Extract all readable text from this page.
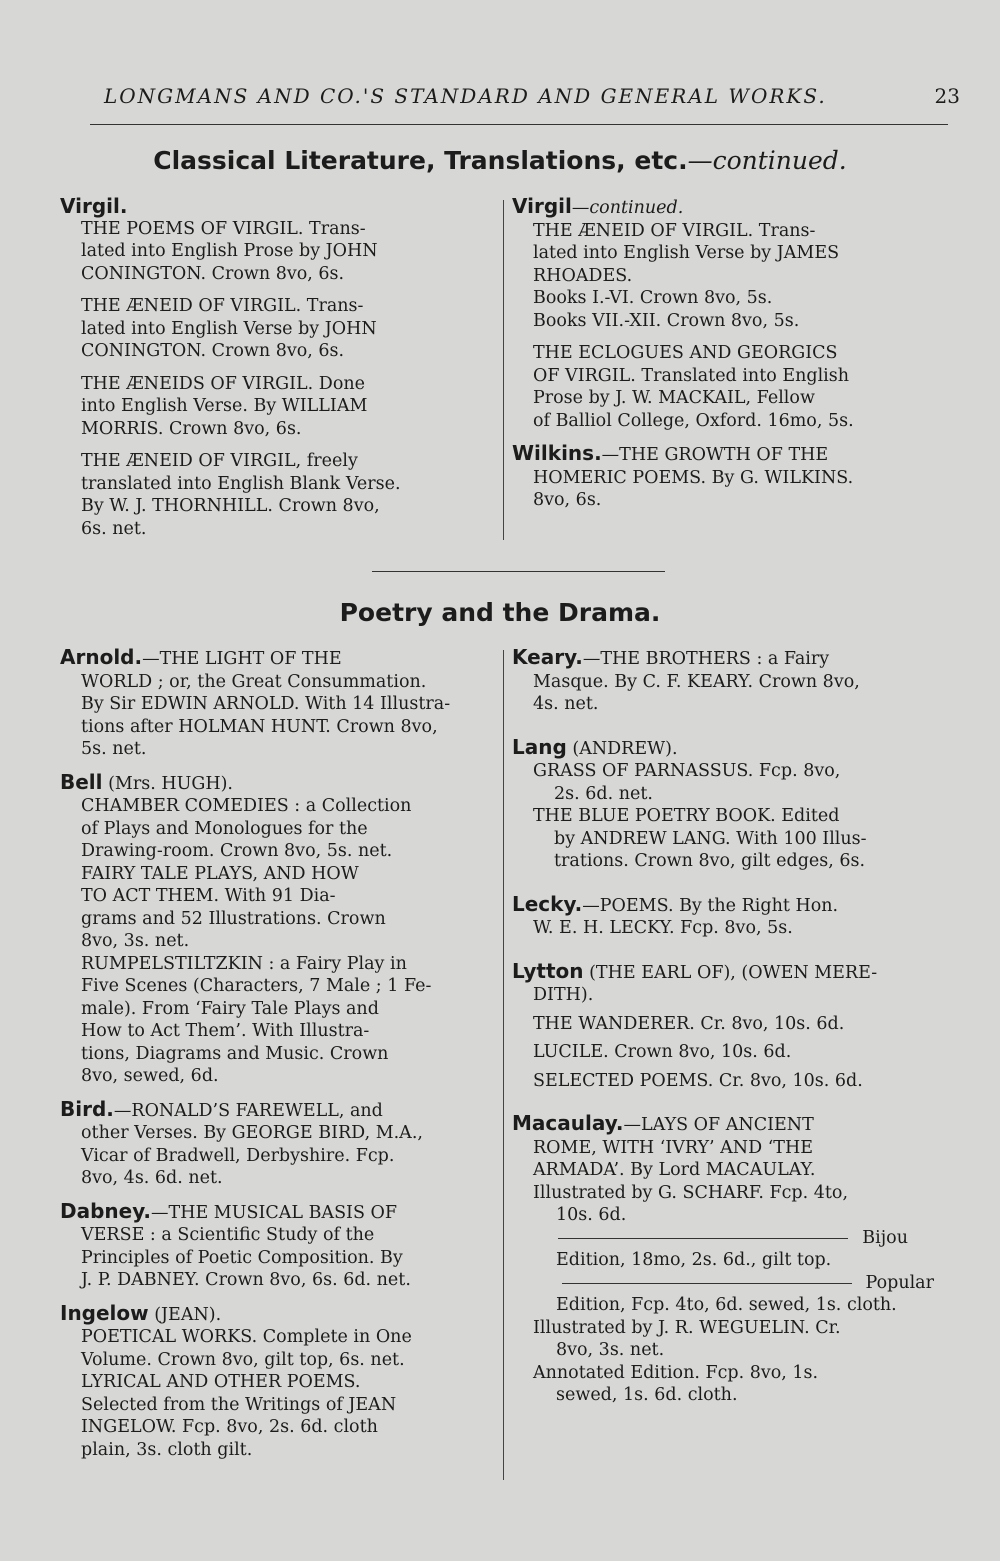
LONGMANS AND CO.'S STANDARD AND GENERAL WORKS.	23
Classical Literature, Translations, etc.—continued.
Virgil.
THE POEMS OF VIRGIL. Trans-
lated into English Prose by JOHN
CONINGTON. Crown 8vo, 6s.
THE ÆNEID OF VIRGIL. Trans-
lated into English Verse by JOHN
CONINGTON. Crown 8vo, 6s.
THE ÆNEIDS OF VIRGIL. Done
into English Verse. By WILLIAM
MORRIS. Crown 8vo, 6s.
THE ÆNEID OF VIRGIL, freely
translated into English Blank Verse.
By W. J. THORNHILL. Crown 8vo,
6s. net.
Virgil—continued.
THE ÆNEID OF VIRGIL. Trans-
lated into English Verse by JAMES
RHOADES.
Books I.-VI. Crown 8vo, 5s.
Books VII.-XII. Crown 8vo, 5s.
THE ECLOGUES AND GEORGICS
OF VIRGIL. Translated into English
Prose by J. W. MACKAIL, Fellow
of Balliol College, Oxford. 16mo, 5s.
Wilkins.—THE GROWTH OF THE
HOMERIC POEMS. By G. WILKINS.
8vo, 6s.
Poetry and the Drama.
Arnold.—THE LIGHT OF THE
WORLD ; or, the Great Consummation.
By Sir EDWIN ARNOLD. With 14 Illustra-
tions after HOLMAN HUNT. Crown 8vo,
5s. net.
Bell (Mrs. HUGH).
CHAMBER COMEDIES : a Collection
of Plays and Monologues for the
Drawing-room. Crown 8vo, 5s. net.
FAIRY TALE PLAYS, AND HOW
TO ACT THEM. With 91 Dia-
grams and 52 Illustrations. Crown
8vo, 3s. net.
RUMPELSTILTZKIN : a Fairy Play in
Five Scenes (Characters, 7 Male ; 1 Fe-
male). From ‘Fairy Tale Plays and
How to Act Them’. With Illustra-
tions, Diagrams and Music. Crown
8vo, sewed, 6d.
Bird.—RONALD’S FAREWELL, and
other Verses. By GEORGE BIRD, M.A.,
Vicar of Bradwell, Derbyshire. Fcp.
8vo, 4s. 6d. net.
Dabney.—THE MUSICAL BASIS OF
VERSE : a Scientific Study of the
Principles of Poetic Composition. By
J. P. DABNEY. Crown 8vo, 6s. 6d. net.
Ingelow (JEAN).
POETICAL WORKS. Complete in One
Volume. Crown 8vo, gilt top, 6s. net.
LYRICAL AND OTHER POEMS.
Selected from the Writings of JEAN
INGELOW. Fcp. 8vo, 2s. 6d. cloth
plain, 3s. cloth gilt.
Keary.—THE BROTHERS : a Fairy
Masque. By C. F. KEARY. Crown 8vo,
4s. net.
Lang (ANDREW).
GRASS OF PARNASSUS. Fcp. 8vo,
2s. 6d. net.
THE BLUE POETRY BOOK. Edited
by ANDREW LANG. With 100 Illus-
trations. Crown 8vo, gilt edges, 6s.
Lecky.—POEMS. By the Right Hon.
W. E. H. LECKY. Fcp. 8vo, 5s.
Lytton (THE EARL OF), (OWEN MERE-
DITH).
THE WANDERER. Cr. 8vo, 10s. 6d.
LUCILE. Crown 8vo, 10s. 6d.
SELECTED POEMS. Cr. 8vo, 10s. 6d.
Macaulay.—LAYS OF ANCIENT
ROME, WITH ‘IVRY’ AND ‘THE
ARMADA’. By Lord MACAULAY.
Illustrated by G. SCHARF. Fcp. 4to,
10s. 6d.
Bijou
Edition, 18mo, 2s. 6d., gilt top.
Popular
Edition, Fcp. 4to, 6d. sewed, 1s. cloth.
Illustrated by J. R. WEGUELIN. Cr.
8vo, 3s. net.
Annotated Edition. Fcp. 8vo, 1s.
sewed, 1s. 6d. cloth.
